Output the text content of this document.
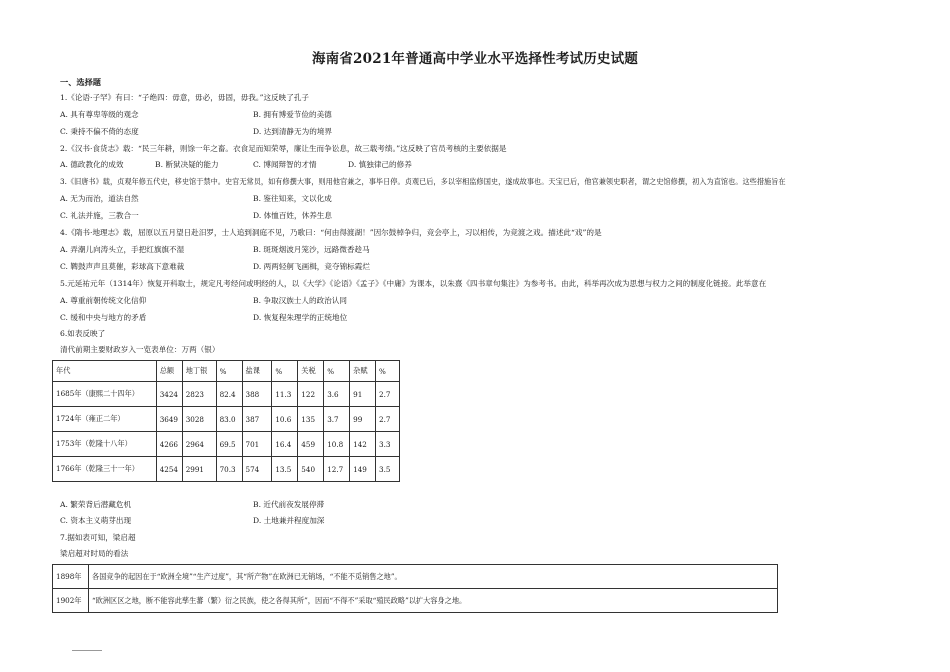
海南省2021年普通高中学业水平选择性考试历史试题
一、选择题
1.《论语·子罕》有曰：“子绝四：毋意，毋必，毋固，毋我。”这反映了孔子
A. 具有尊卑等级的观念	B. 拥有博爱节俭的美德
C. 秉持不偏不倚的态度	D. 达到清静无为的境界
2.《汉书·食货志》载：“民三年耕，则馀一年之畜。衣食足而知荣辱，廉让生而争讼息，故三载考绩。”这反映了官员考核的主要依据是
A. 德政教化的成效	B. 断狱决疑的能力	C. 博闻辩智的才情	D. 慎独律己的修养
3.《旧唐书》载，贞观年修五代史，移史馆于禁中。史官无常员，如有修撰大事，则用他官兼之，事毕日停。贞观已后，多以宰相监修国史，遂成故事也。天宝已后，他官兼领史职者，谓之史馆修撰，初入为直馆也。这些措施旨在
A. 无为而治，道法自然	B. 鉴往知来，文以化成
C. 礼法并施，三教合一	D. 体恤百姓，休养生息
4.《隋书·地理志》载，屈原以五月望日赴汨罗，士人追到洞庭不见，乃歌曰：“何由得渡湖！”因尔鼓棹争归，竞会亭上，习以相传，为竞渡之戏。描述此“戏”的是
A. 弄潮儿向涛头立，手把红旗旗不湿	B. 斑斑烟波月笼沙，远路微香趁马
C. 鞞鼓声声且莫催，彩球高下意难裁	D. 两两轻舸飞画楫，竞夺锦标霞烂
5.元延祐元年（1314年）恢复开科取士，规定凡考经问或明经的人，以《大学》《论语》《孟子》《中庸》为课本，以朱熹《四书章句集注》为参考书。由此，科举再次成为思想与权力之间的制度化链接。此举意在
A. 尊重前朝传统文化信仰	B. 争取汉族士人的政治认同
C. 缓和中央与地方的矛盾	D. 恢复程朱理学的正统地位
6.如表反映了
清代前期主要财政岁入一览表单位：万两（银）
年代	总额	地丁银	%	盐课	%	关税	%	杂赋	%
1685年（康熙二十四年）	3424	2823	82.4	388	11.3	122	3.6	91	2.7
1724年（雍正二年）	3649	3028	83.0	387	10.6	135	3.7	99	2.7
1753年（乾隆十八年）	4266	2964	69.5	701	16.4	459	10.8	142	3.3
1766年（乾隆三十一年）	4254	2991	70.3	574	13.5	540	12.7	149	3.5
A. 繁荣背后潜藏危机	B. 近代前夜发展停滞
C. 资本主义萌芽出现	D. 土地兼并程度加深
7.据如表可知，梁启超
梁启超对时局的看法
1898年	各国竞争的起因在于“欧洲全境”“生产过度”，其“所产物”在欧洲已无销场，“不能不觅销售之地”。
1902年	“欧洲区区之地，断不能容此孳生蕃（繁）衍之民族，使之各得其所”，因而“不得不”采取“殖民政略”以扩大容身之地。
